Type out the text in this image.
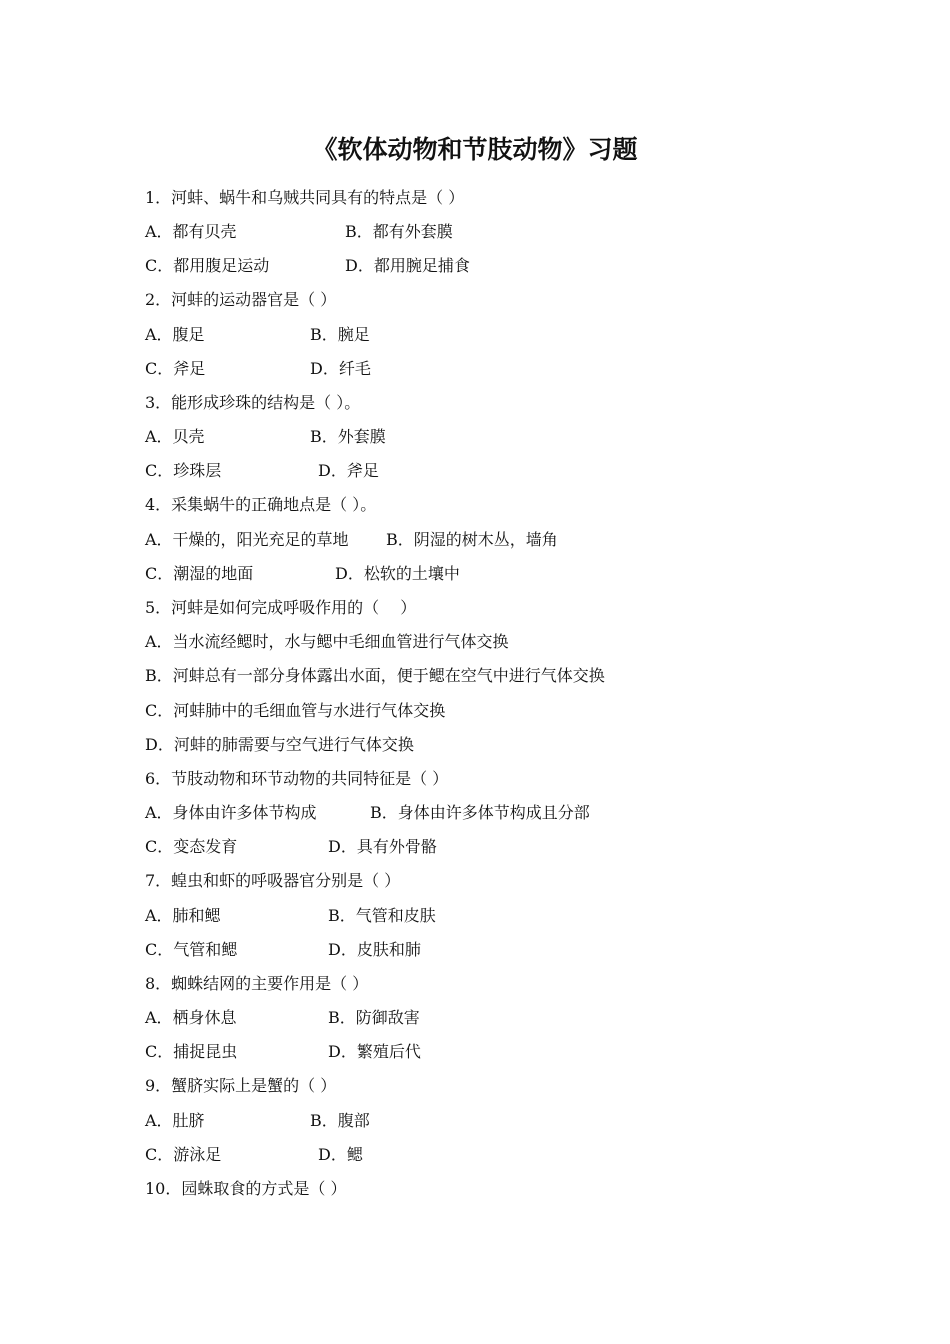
《软体动物和节肢动物》习题
1．河蚌、蜗牛和乌贼共同具有的特点是（ ）
A．都有贝壳	B．都有外套膜
C．都用腹足运动	D．都用腕足捕食
2．河蚌的运动器官是（ ）
A．腹足	B．腕足
C．斧足	D．纤毛
3．能形成珍珠的结构是（ ）。
A．贝壳	B．外套膜
C．珍珠层	D．斧足
4．采集蜗牛的正确地点是（ ）。
A．干燥的，阳光充足的草地 B．阴湿的树木丛，墙角
C．潮湿的地面	D．松软的土壤中
5．河蚌是如何完成呼吸作用的（　 ）
A．当水流经鳃时，水与鳃中毛细血管进行气体交换
B．河蚌总有一部分身体露出水面，便于鳃在空气中进行气体交换
C．河蚌肺中的毛细血管与水进行气体交换
D．河蚌的肺需要与空气进行气体交换
6．节肢动物和环节动物的共同特征是（ ）
A．身体由许多体节构成	B．身体由许多体节构成且分部
C．变态发育	D．具有外骨骼
7．蝗虫和虾的呼吸器官分别是（ ）
A．肺和鳃	B．气管和皮肤
C．气管和鳃	D．皮肤和肺
8．蜘蛛结网的主要作用是（ ）
A．栖身休息	B．防御敌害
C．捕捉昆虫	D．繁殖后代
9．蟹脐实际上是蟹的（ ）
A．肚脐	B．腹部
C．游泳足	D．鳃
10．园蛛取食的方式是（ ）
